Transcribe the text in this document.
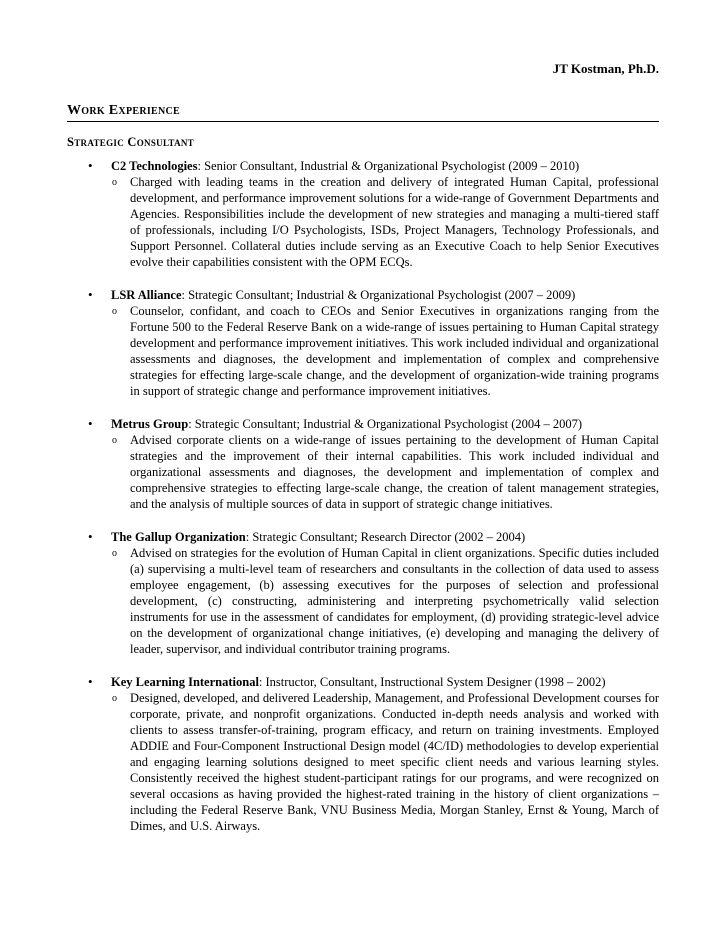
JT Kostman, Ph.D.
Work Experience
Strategic Consultant
• C2 Technologies: Senior Consultant, Industrial & Organizational Psychologist (2009 – 2010)
o Charged with leading teams in the creation and delivery of integrated Human Capital, professional development, and performance improvement solutions for a wide-range of Government Departments and Agencies. Responsibilities include the development of new strategies and managing a multi-tiered staff of professionals, including I/O Psychologists, ISDs, Project Managers, Technology Professionals, and Support Personnel. Collateral duties include serving as an Executive Coach to help Senior Executives evolve their capabilities consistent with the OPM ECQs.
• LSR Alliance: Strategic Consultant; Industrial & Organizational Psychologist (2007 – 2009)
o Counselor, confidant, and coach to CEOs and Senior Executives in organizations ranging from the Fortune 500 to the Federal Reserve Bank on a wide-range of issues pertaining to Human Capital strategy development and performance improvement initiatives. This work included individual and organizational assessments and diagnoses, the development and implementation of complex and comprehensive strategies for effecting large-scale change, and the development of organization-wide training programs in support of strategic change and performance improvement initiatives.
• Metrus Group: Strategic Consultant; Industrial & Organizational Psychologist (2004 – 2007)
o Advised corporate clients on a wide-range of issues pertaining to the development of Human Capital strategies and the improvement of their internal capabilities. This work included individual and organizational assessments and diagnoses, the development and implementation of complex and comprehensive strategies to effecting large-scale change, the creation of talent management strategies, and the analysis of multiple sources of data in support of strategic change initiatives.
• The Gallup Organization: Strategic Consultant; Research Director (2002 – 2004)
o Advised on strategies for the evolution of Human Capital in client organizations. Specific duties included (a) supervising a multi-level team of researchers and consultants in the collection of data used to assess employee engagement, (b) assessing executives for the purposes of selection and professional development, (c) constructing, administering and interpreting psychometrically valid selection instruments for use in the assessment of candidates for employment, (d) providing strategic-level advice on the development of organizational change initiatives, (e) developing and managing the delivery of leader, supervisor, and individual contributor training programs.
• Key Learning International: Instructor, Consultant, Instructional System Designer (1998 – 2002)
o Designed, developed, and delivered Leadership, Management, and Professional Development courses for corporate, private, and nonprofit organizations. Conducted in-depth needs analysis and worked with clients to assess transfer-of-training, program efficacy, and return on training investments. Employed ADDIE and Four-Component Instructional Design model (4C/ID) methodologies to develop experiential and engaging learning solutions designed to meet specific client needs and various learning styles. Consistently received the highest student-participant ratings for our programs, and were recognized on several occasions as having provided the highest-rated training in the history of client organizations – including the Federal Reserve Bank, VNU Business Media, Morgan Stanley, Ernst & Young, March of Dimes, and U.S. Airways.
